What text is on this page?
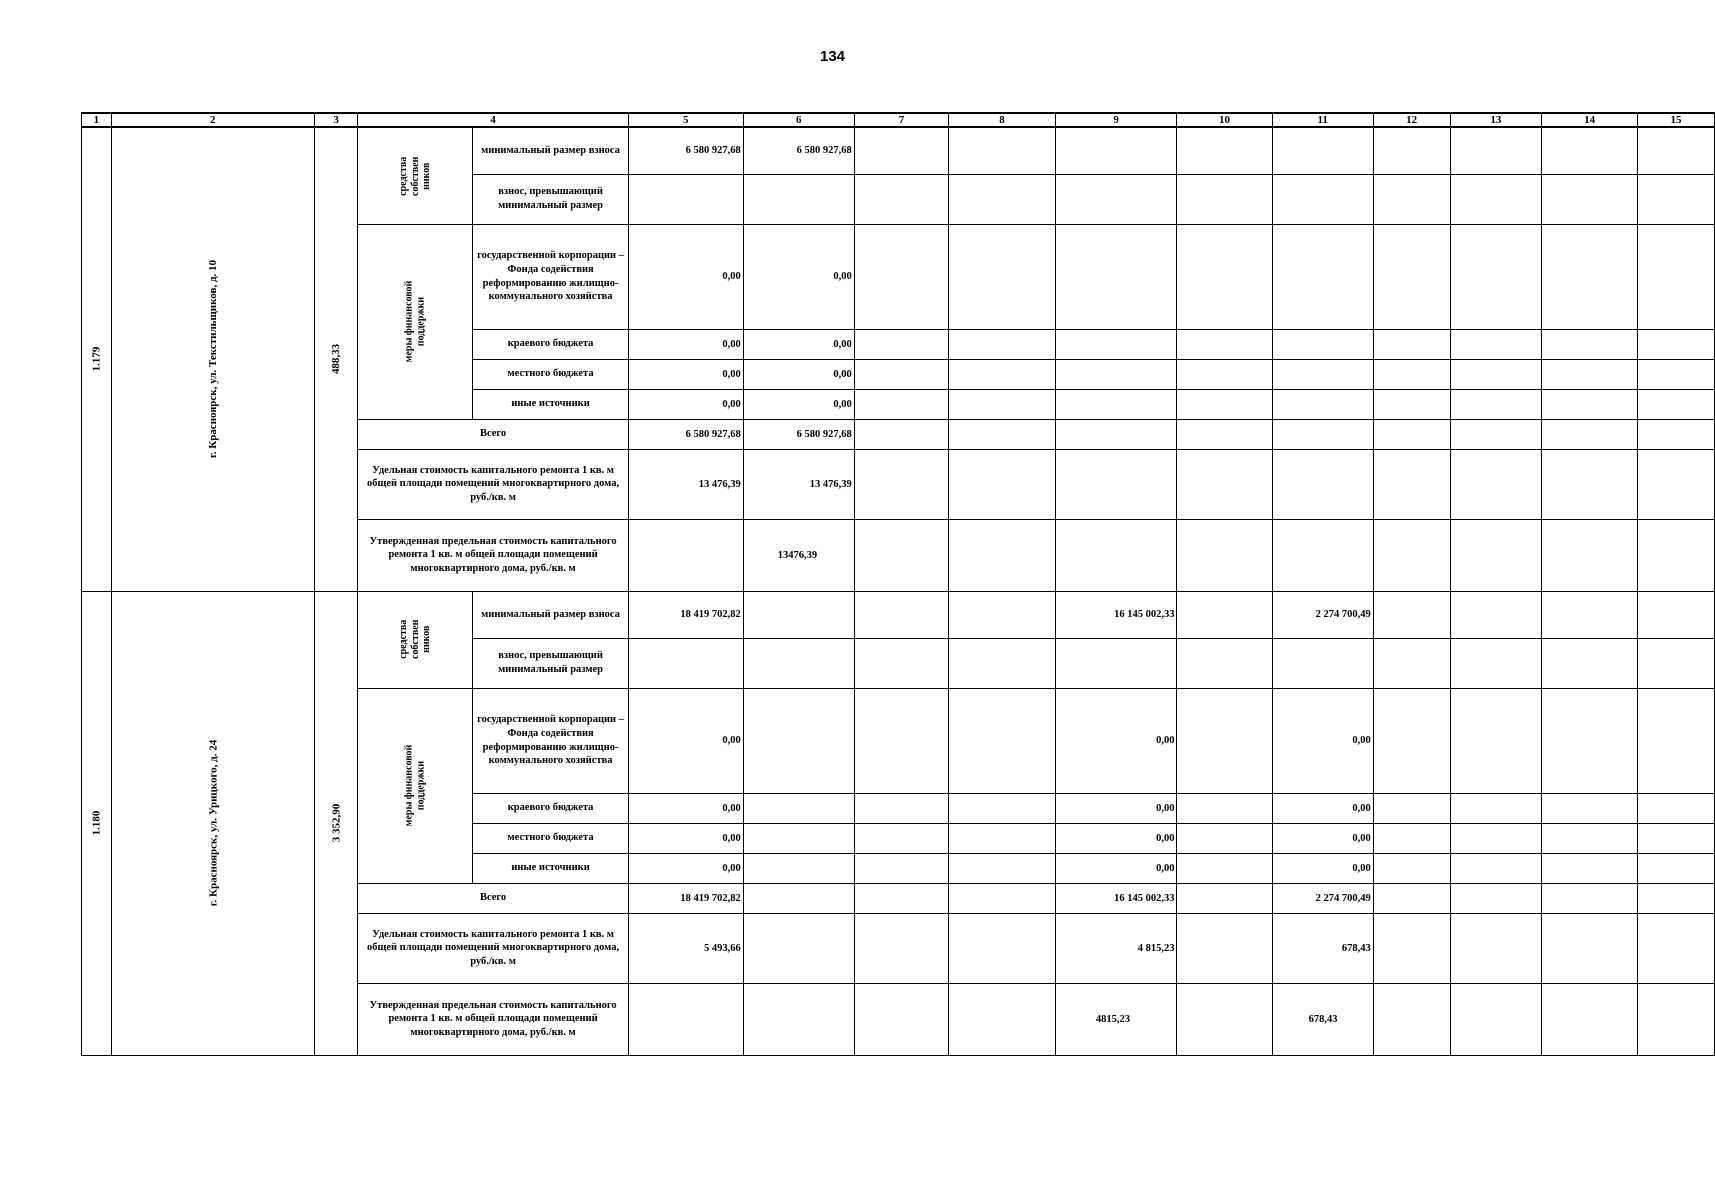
134
1	2	3	4		5	6	7	8	9	10	11	12	13	14	15
1.179	г. Красноярск, ул. Текстильщиков, д. 10	488,33	средства собствен ников	минимальный размер взноса	6 580 927,68	6 580 927,68									
				взнос, превышающий минимальный размер											
			меры финансовой поддержки	государственной корпорации – Фонда содействия реформированию жилищно-коммунального хозяйства	0,00	0,00									
				краевого бюджета	0,00	0,00									
				местного бюджета	0,00	0,00									
				иные источники	0,00	0,00									
			Всего		6 580 927,68	6 580 927,68									
			Удельная стоимость капитального ремонта 1 кв. м общей площади помещений многоквартирного дома, руб./кв. м		13 476,39	13 476,39									
			Утвержденная предельная стоимость капитального ремонта 1 кв. м общей площади помещений многоквартирного дома, руб./кв. м			13476,39									
1.180	г. Красноярск, ул. Урицкого, д. 24	3 352,90	средства собствен ников	минимальный размер взноса	18 419 702,82				16 145 002,33		2 274 700,49				
				взнос, превышающий минимальный размер											
			меры финансовой поддержки	государственной корпорации – Фонда содействия реформированию жилищно-коммунального хозяйства	0,00				0,00		0,00				
				краевого бюджета	0,00				0,00		0,00				
				местного бюджета	0,00				0,00		0,00				
				иные источники	0,00				0,00		0,00				
			Всего		18 419 702,82				16 145 002,33		2 274 700,49				
			Удельная стоимость капитального ремонта 1 кв. м общей площади помещений многоквартирного дома, руб./кв. м		5 493,66				4 815,23		678,43				
			Утвержденная предельная стоимость капитального ремонта 1 кв. м общей площади помещений многоквартирного дома, руб./кв. м						4815,23		678,43				
